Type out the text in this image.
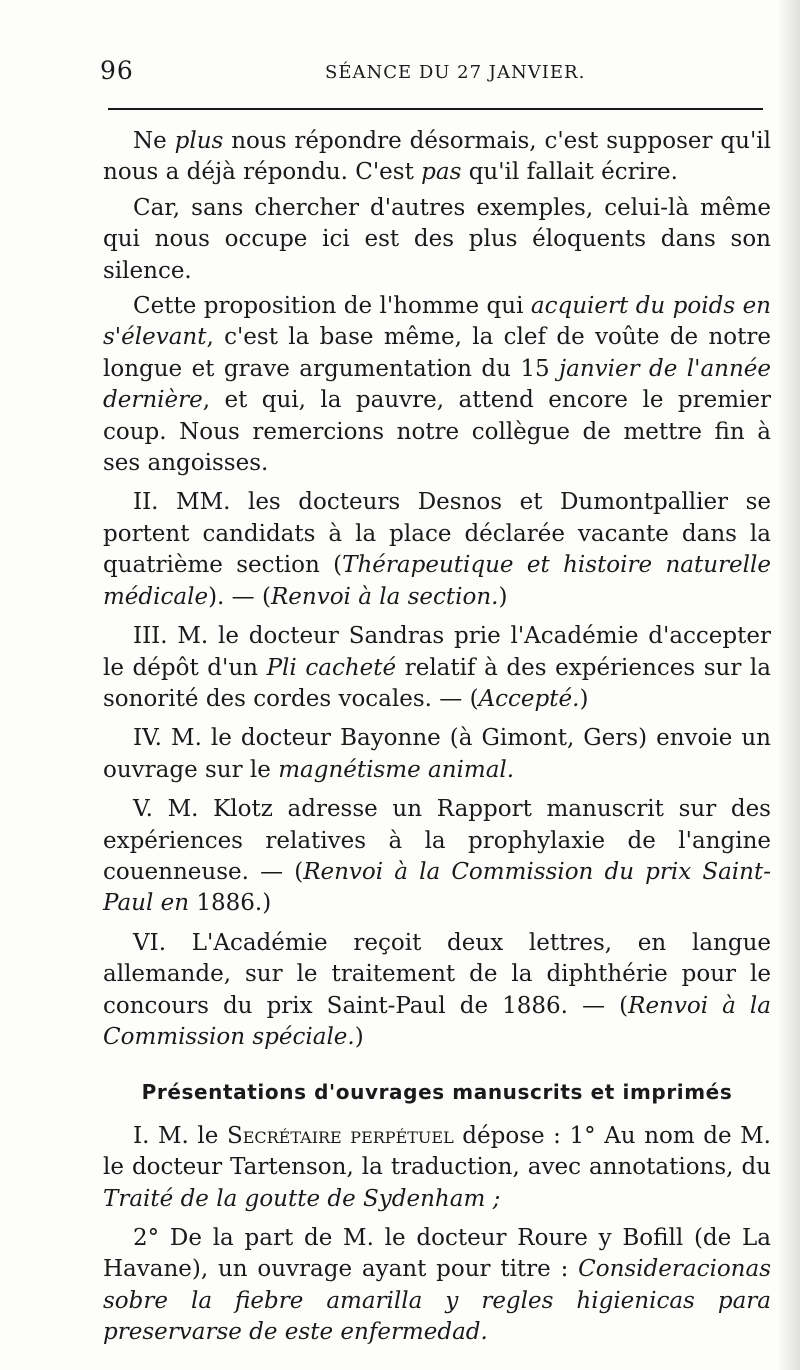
96	SÉANCE DU 27 JANVIER.

Ne plus nous répondre désormais, c'est supposer qu'il nous a déjà répondu. C'est pas qu'il fallait écrire.

Car, sans chercher d'autres exemples, celui-là même qui nous occupe ici est des plus éloquents dans son silence.

Cette proposition de l'homme qui acquiert du poids en s'élevant, c'est la base même, la clef de voûte de notre longue et grave argumentation du 15 janvier de l'année dernière, et qui, la pauvre, attend encore le premier coup. Nous remercions notre collègue de mettre fin à ses angoisses.

II. MM. les docteurs Desnos et Dumontpallier se portent candidats à la place déclarée vacante dans la quatrième section (Thérapeutique et histoire naturelle médicale). — (Renvoi à la section.)

III. M. le docteur Sandras prie l'Académie d'accepter le dépôt d'un Pli cacheté relatif à des expériences sur la sonorité des cordes vocales. — (Accepté.)

IV. M. le docteur Bayonne (à Gimont, Gers) envoie un ouvrage sur le magnétisme animal.

V. M. Klotz adresse un Rapport manuscrit sur des expériences relatives à la prophylaxie de l'angine couenneuse. — (Renvoi à la Commission du prix Saint-Paul en 1886.)

VI. L'Académie reçoit deux lettres, en langue allemande, sur le traitement de la diphthérie pour le concours du prix Saint-Paul de 1886. — (Renvoi à la Commission spéciale.)

Présentations d'ouvrages manuscrits et imprimés

I. M. le Secrétaire perpétuel dépose : 1° Au nom de M. le docteur Tartenson, la traduction, avec annotations, du Traité de la goutte de Sydenham ;

2° De la part de M. le docteur Roure y Bofill (de La Havane), un ouvrage ayant pour titre : Consideracionas sobre la fiebre amarilla y regles higienicas para preservarse de este enfermedad.
